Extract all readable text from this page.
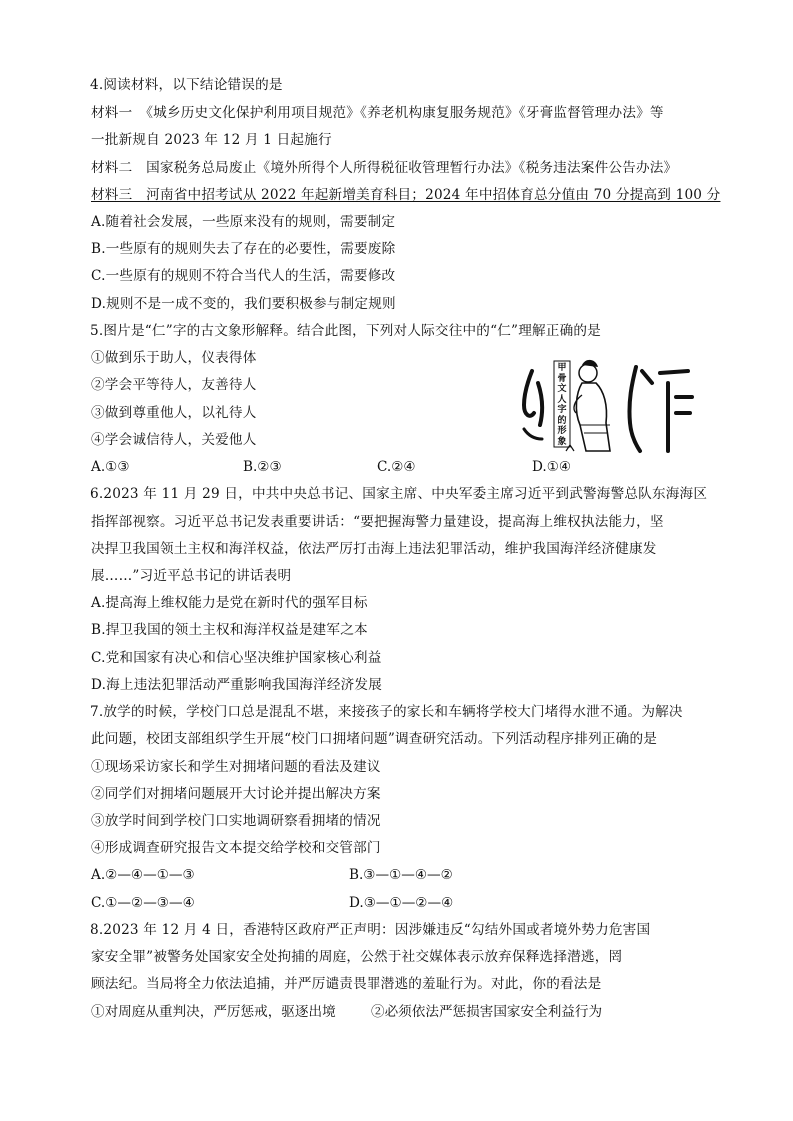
4.阅读材料，以下结论错误的是
材料一　《城乡历史文化保护利用项目规范》《养老机构康复服务规范》《牙膏监督管理办法》等
一批新规自 2023 年 12 月 1 日起施行
材料二　国家税务总局废止《境外所得个人所得税征收管理暂行办法》《税务违法案件公告办法》
材料三　河南省中招考试从 2022 年起新增美育科目；2024 年中招体育总分值由 70 分提高到 100 分
A.随着社会发展，一些原来没有的规则，需要制定
B.一些原有的规则失去了存在的必要性，需要废除
C.一些原有的规则不符合当代人的生活，需要修改
D.规则不是一成不变的，我们要积极参与制定规则
5.图片是“仁”字的古文象形解释。结合此图，下列对人际交往中的“仁”理解正确的是
①做到乐于助人，仪表得体
②学会平等待人，友善待人
③做到尊重他人，以礼待人
④学会诚信待人，关爱他人
A.①③	B.②③	C.②④	D.①④
甲骨文人字的形象
6.2023 年 11 月 29 日，中共中央总书记、国家主席、中央军委主席习近平到武警海警总队东海海区
指挥部视察。习近平总书记发表重要讲话：“要把握海警力量建设，提高海上维权执法能力，坚
决捍卫我国领土主权和海洋权益，依法严厉打击海上违法犯罪活动，维护我国海洋经济健康发
展……”习近平总书记的讲话表明
A.提高海上维权能力是党在新时代的强军目标
B.捍卫我国的领土主权和海洋权益是建军之本
C.党和国家有决心和信心坚决维护国家核心利益
D.海上违法犯罪活动严重影响我国海洋经济发展
7.放学的时候，学校门口总是混乱不堪，来接孩子的家长和车辆将学校大门堵得水泄不通。为解决
此问题，校团支部组织学生开展“校门口拥堵问题”调查研究活动。下列活动程序排列正确的是
①现场采访家长和学生对拥堵问题的看法及建议
②同学们对拥堵问题展开大讨论并提出解决方案
③放学时间到学校门口实地调研察看拥堵的情况
④形成调查研究报告文本提交给学校和交管部门
A.②—④—①—③	B.③—①—④—②
C.①—②—③—④	D.③—①—②—④
8.2023 年 12 月 4 日，香港特区政府严正声明：因涉嫌违反“勾结外国或者境外势力危害国
家安全罪”被警务处国家安全处拘捕的周庭，公然于社交媒体表示放弃保释选择潜逃，罔
顾法纪。当局将全力依法追捕，并严厉谴责畏罪潜逃的羞耻行为。对此，你的看法是
①对周庭从重判决，严厉惩戒，驱逐出境	②必须依法严惩损害国家安全利益行为
